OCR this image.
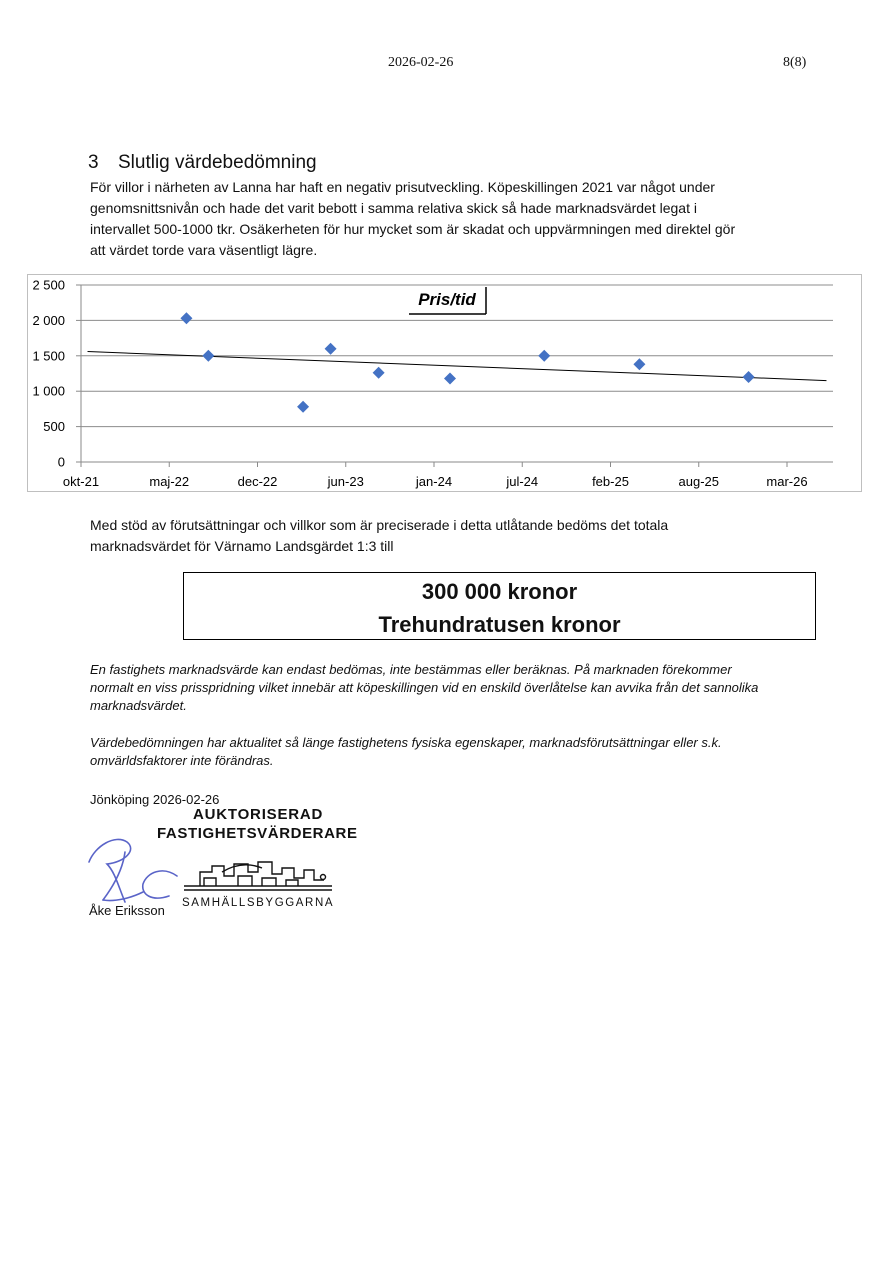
2026-02-26	8(8)
3 Slutlig värdebedömning
För villor i närheten av Lanna har haft en negativ prisutveckling. Köpeskillingen 2021 var något under
genomsnittsnivån och hade det varit bebott i samma relativa skick så hade marknadsvärdet legat i
intervallet 500-1000 tkr. Osäkerheten för hur mycket som är skadat och uppvärmningen med direktel gör
att värdet torde vara väsentligt lägre.
0
500
1 000
1 500
2 000
2 500
okt-21	maj-22	dec-22	jun-23	jan-24	jul-24	feb-25	aug-25	mar-26
Pris/tid
Med stöd av förutsättningar och villkor som är preciserade i detta utlåtande bedöms det totala
marknadsvärdet för Värnamo Landsgärdet 1:3 till
300 000 kronor
Trehundratusen kronor
En fastighets marknadsvärde kan endast bedömas, inte bestämmas eller beräknas. På marknaden förekommer
normalt en viss prisspridning vilket innebär att köpeskillingen vid en enskild överlåtelse kan avvika från det sannolika
marknadsvärdet.
Värdebedömningen har aktualitet så länge fastighetens fysiska egenskaper, marknadsförutsättningar eller s.k.
omvärldsfaktorer inte förändras.
Jönköping 2026-02-26
AUKTORISERAD
FASTIGHETSVÄRDERARE
SAMHÄLLSBYGGARNA
Åke Eriksson
